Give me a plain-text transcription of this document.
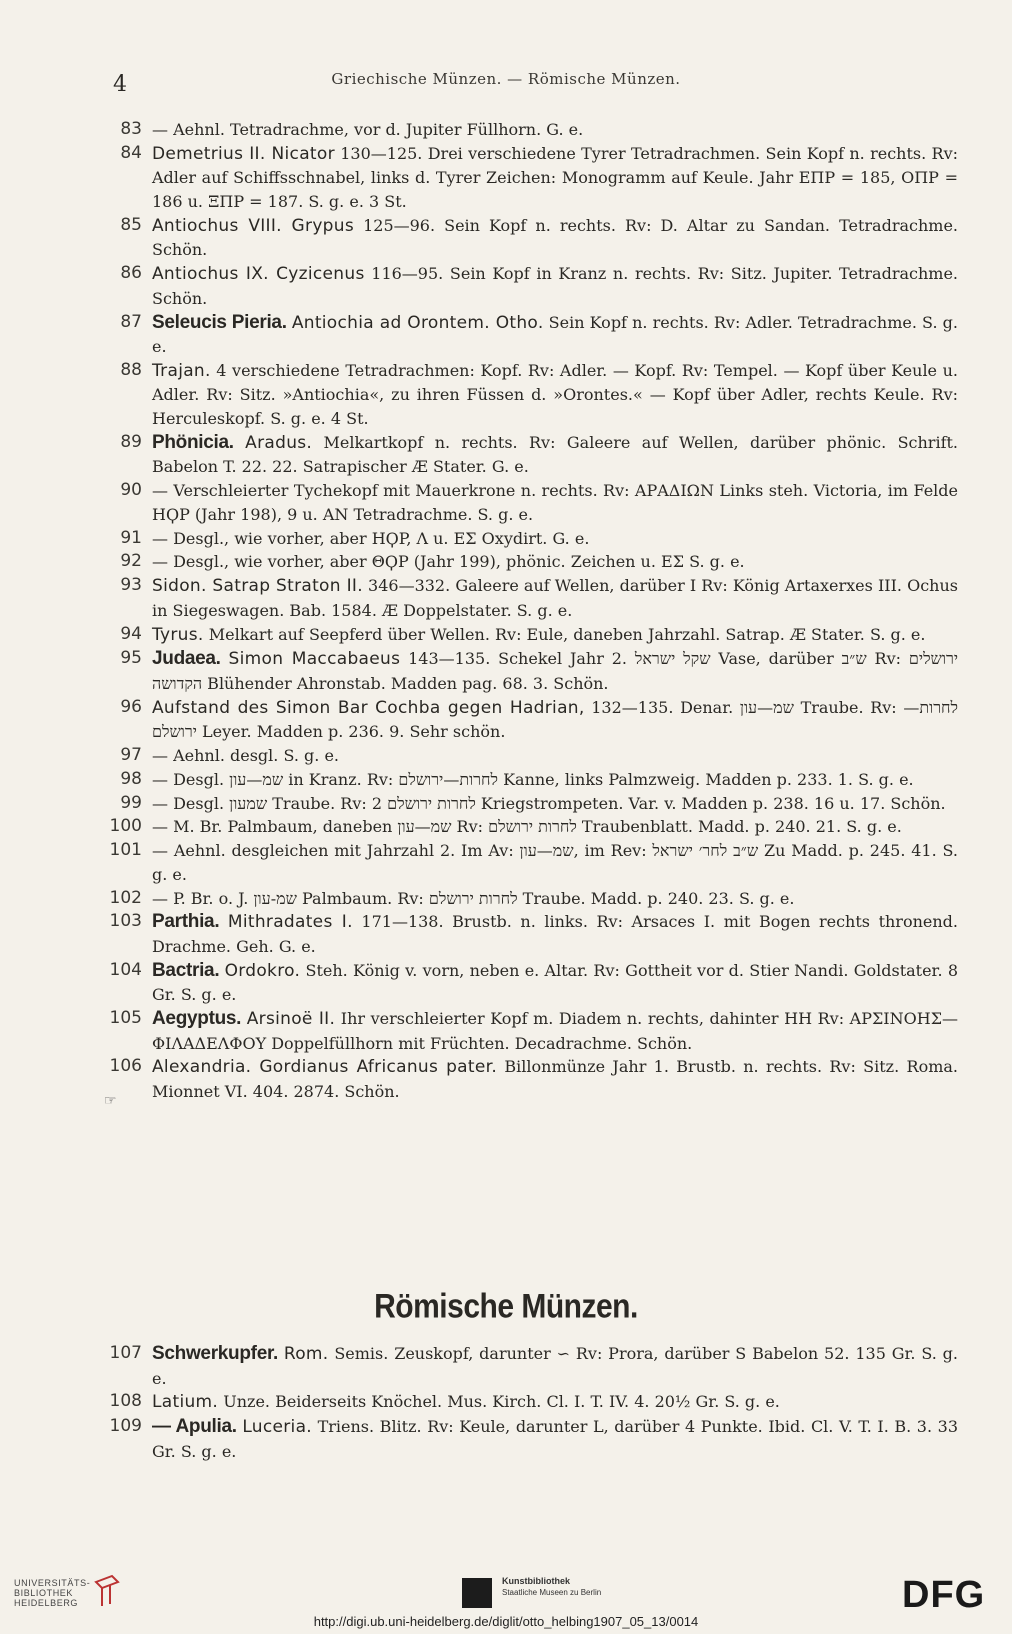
4	Griechische Münzen. — Römische Münzen.
83 — Aehnl. Tetradrachme, vor d. Jupiter Füllhorn. G. e.
84 Demetrius II. Nicator 130—125. Drei verschiedene Tyrer Tetradrachmen. Sein Kopf n. rechts. Rv: Adler auf Schiffsschnabel, links d. Tyrer Zeichen: Monogramm auf Keule. Jahr ΕΠΡ = 185, ΟΠΡ = 186 u. ΞΠΡ = 187. S. g. e. 3 St.
85 Antiochus VIII. Grypus 125—96. Sein Kopf n. rechts. Rv: D. Altar zu Sandan. Tetradrachme. Schön.
86 Antiochus IX. Cyzicenus 116—95. Sein Kopf in Kranz n. rechts. Rv: Sitz. Jupiter. Tetradrachme. Schön.
87 Seleucis Pieria. Antiochia ad Orontem. Otho. Sein Kopf n. rechts. Rv: Adler. Tetradrachme. S. g. e.
88 Trajan. 4 verschiedene Tetradrachmen: Kopf. Rv: Adler. — Kopf. Rv: Tempel. — Kopf über Keule u. Adler. Rv: Sitz. »Antiochia«, zu ihren Füssen d. »Orontes.« — Kopf über Adler, rechts Keule. Rv: Herculeskopf. S. g. e. 4 St.
89 Phönicia. Aradus. Melkartkopf n. rechts. Rv: Galeere auf Wellen, darüber phönic. Schrift. Babelon T. 22. 22. Satrapischer Æ Stater. G. e.
90 — Verschleierter Tychekopf mit Mauerkrone n. rechts. Rv: ΑΡΑΔΙΩΝ Links steh. Victoria, im Felde HϘP (Jahr 198), 9 u. AN Tetradrachme. S. g. e.
91 — Desgl., wie vorher, aber HϘP, Λ u. ΕΣ Oxydirt. G. e.
92 — Desgl., wie vorher, aber ΘϘP (Jahr 199), phönic. Zeichen u. ΕΣ S. g. e.
93 Sidon. Satrap Straton II. 346—332. Galeere auf Wellen, darüber I Rv: König Artaxerxes III. Ochus in Siegeswagen. Bab. 1584. Æ Doppelstater. S. g. e.
94 Tyrus. Melkart auf Seepferd über Wellen. Rv: Eule, daneben Jahrzahl. Satrap. Æ Stater. S. g. e.
95 Judaea. Simon Maccabaeus 143—135. Schekel Jahr 2. שקל ישראל Vase, darüber ש״ב Rv: ירושלים הקדושה Blühender Ahronstab. Madden pag. 68. 3. Schön.
96 Aufstand des Simon Bar Cochba gegen Hadrian, 132—135. Denar. שמ—עון Traube. Rv: לחרות— ירושלם Leyer. Madden p. 236. 9. Sehr schön.
97 — Aehnl. desgl. S. g. e.
98 — Desgl. שמ—עון in Kranz. Rv: לחרות—ירושלם Kanne, links Palmzweig. Madden p. 233. 1. S. g. e.
99 — Desgl. שמעון Traube. Rv: לחרות ירושלם 2 Kriegstrompeten. Var. v. Madden p. 238. 16 u. 17. Schön.
100 — M. Br. Palmbaum, daneben שמ—עון Rv: לחרות ירושלם Traubenblatt. Madd. p. 240. 21. S. g. e.
101 — Aehnl. desgleichen mit Jahrzahl 2. Im Av: שמ—עון, im Rev: ש״ב לחר׳ ישראל Zu Madd. p. 245. 41. S. g. e.
102 — P. Br. o. J. שמ-עון Palmbaum. Rv: לחרות ירושלם Traube. Madd. p. 240. 23. S. g. e.
103 Parthia. Mithradates I. 171—138. Brustb. n. links. Rv: Arsaces I. mit Bogen rechts thronend. Drachme. Geh. G. e.
104 Bactria. Ordokro. Steh. König v. vorn, neben e. Altar. Rv: Gottheit vor d. Stier Nandi. Goldstater. 8 Gr. S. g. e.
105 Aegyptus. Arsinoë II. Ihr verschleierter Kopf m. Diadem n. rechts, dahinter HH Rv: ΑΡΣΙΝΟΗΣ—ΦΙΛΑΔΕΛΦΟΥ Doppelfüllhorn mit Früchten. Decadrachme. Schön.
106 Alexandria. Gordianus Africanus pater. Billonmünze Jahr 1. Brustb. n. rechts. Rv: Sitz. Roma. Mionnet VI. 404. 2874. Schön.
☞
Römische Münzen.
107 Schwerkupfer. Rom. Semis. Zeuskopf, darunter ∽ Rv: Prora, darüber S Babelon 52. 135 Gr. S. g. e.
108 Latium. Unze. Beiderseits Knöchel. Mus. Kirch. Cl. I. T. IV. 4. 20½ Gr. S. g. e.
109 — Apulia. Luceria. Triens. Blitz. Rv: Keule, darunter L, darüber 4 Punkte. Ibid. Cl. V. T. I. B. 3. 33 Gr. S. g. e.
UNIVERSITÄTS-
BIBLIOTHEK
HEIDELBERG
Kunstbibliothek
Staatliche Museen zu Berlin	DFG
http://digi.ub.uni-heidelberg.de/diglit/otto_helbing1907_05_13/0014
